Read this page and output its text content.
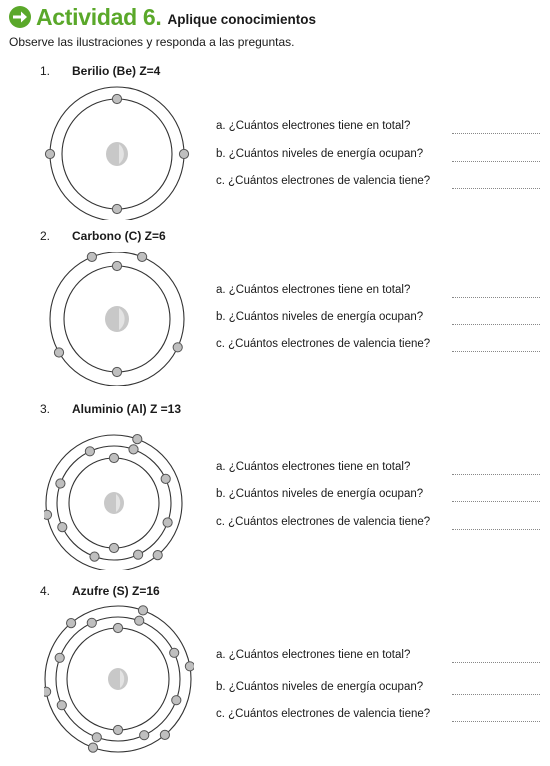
Actividad 6. Aplique conocimientos
Observe las ilustraciones y responda a las preguntas.
1. Berilio (Be) Z=4
a. ¿Cuántos electrones tiene en total?
b. ¿Cuántos niveles de energía ocupan?
c. ¿Cuántos electrones de valencia tiene?
2. Carbono (C) Z=6
a. ¿Cuántos electrones tiene en total?
b. ¿Cuántos niveles de energía ocupan?
c. ¿Cuántos electrones de valencia tiene?
3. Aluminio (Al) Z =13
a. ¿Cuántos electrones tiene en total?
b. ¿Cuántos niveles de energía ocupan?
c. ¿Cuántos electrones de valencia tiene?
4. Azufre (S) Z=16
a. ¿Cuántos electrones tiene en total?
b. ¿Cuántos niveles de energía ocupan?
c. ¿Cuántos electrones de valencia tiene?
